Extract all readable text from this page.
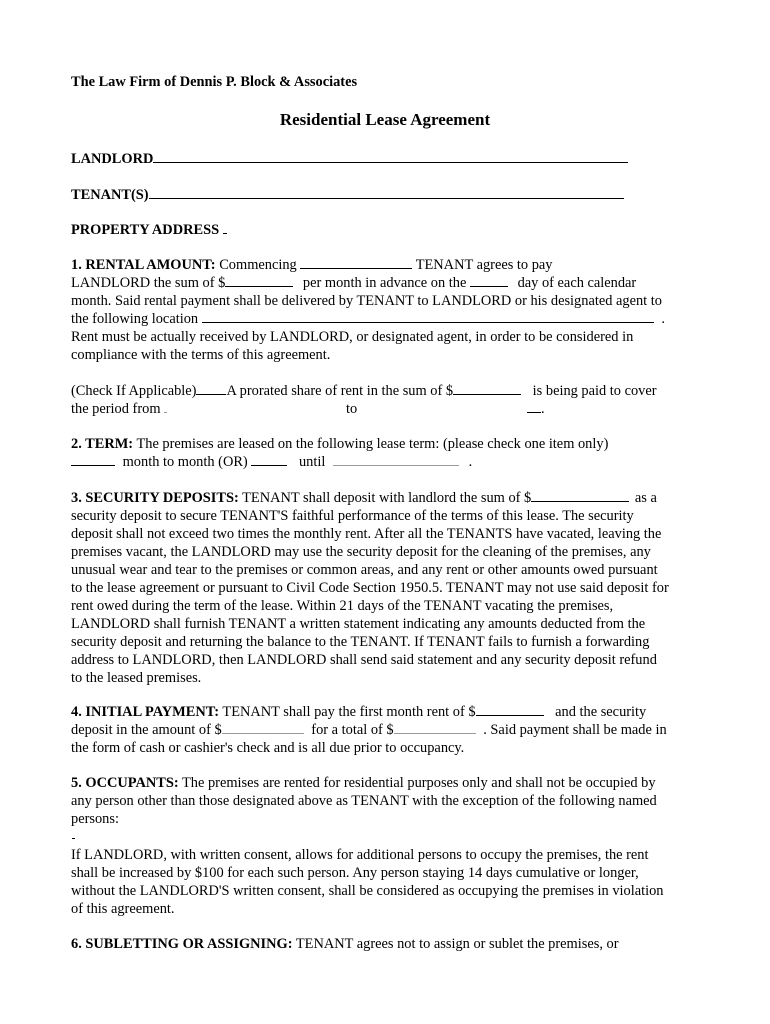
The Law Firm of Dennis P. Block & Associates
Residential Lease Agreement
LANDLORD
TENANT(S)
PROPERTY ADDRESS
1. RENTAL AMOUNT: Commencing	TENANT agrees to pay
LANDLORD the sum of $	per month in advance on the	day of each calendar
month. Said rental payment shall be delivered by TENANT to LANDLORD or his designated agent to
the following location	.
Rent must be actually received by LANDLORD, or designated agent, in order to be considered in
compliance with the terms of this agreement.
(Check If Applicable) A prorated share of rent in the sum of $	is being paid to cover
the period from	to	.
2. TERM: The premises are leased on the following lease term: (please check one item only)
month to month (OR)	until	.
3. SECURITY DEPOSITS: TENANT shall deposit with landlord the sum of $	as a
security deposit to secure TENANT'S faithful performance of the terms of this lease. The security
deposit shall not exceed two times the monthly rent. After all the TENANTS have vacated, leaving the
premises vacant, the LANDLORD may use the security deposit for the cleaning of the premises, any
unusual wear and tear to the premises or common areas, and any rent or other amounts owed pursuant
to the lease agreement or pursuant to Civil Code Section 1950.5. TENANT may not use said deposit for
rent owed during the term of the lease. Within 21 days of the TENANT vacating the premises,
LANDLORD shall furnish TENANT a written statement indicating any amounts deducted from the
security deposit and returning the balance to the TENANT. If TENANT fails to furnish a forwarding
address to LANDLORD, then LANDLORD shall send said statement and any security deposit refund
to the leased premises.
4. INITIAL PAYMENT: TENANT shall pay the first month rent of $	and the security
deposit in the amount of $	for a total of $	. Said payment shall be made in
the form of cash or cashier's check and is all due prior to occupancy.
5. OCCUPANTS: The premises are rented for residential purposes only and shall not be occupied by
any person other than those designated above as TENANT with the exception of the following named
persons:
If LANDLORD, with written consent, allows for additional persons to occupy the premises, the rent
shall be increased by $100 for each such person. Any person staying 14 days cumulative or longer,
without the LANDLORD'S written consent, shall be considered as occupying the premises in violation
of this agreement.
6. SUBLETTING OR ASSIGNING: TENANT agrees not to assign or sublet the premises, or
